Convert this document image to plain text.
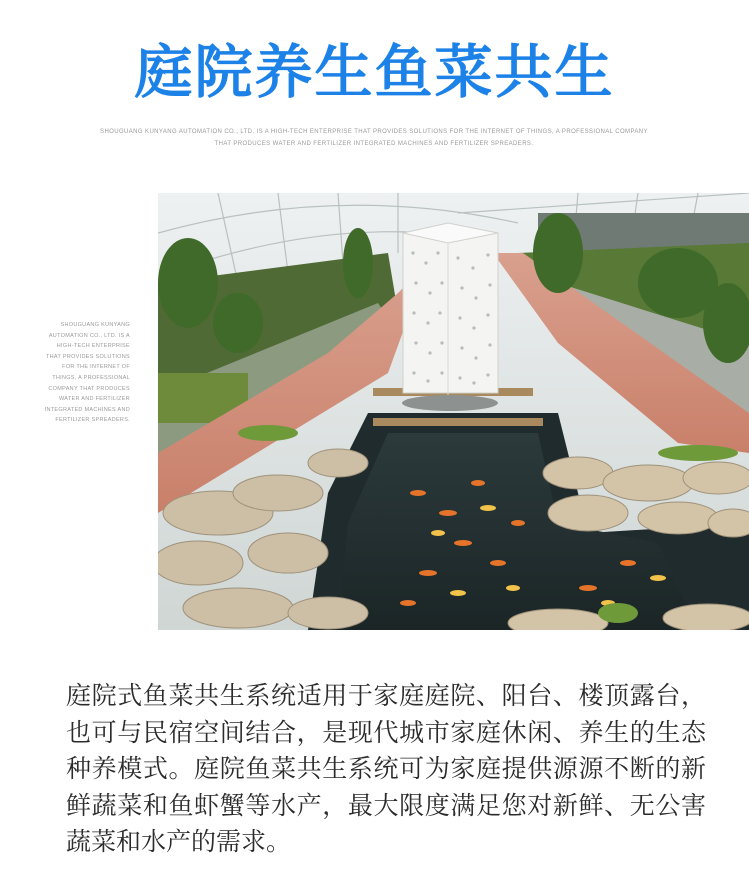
庭院养生鱼菜共生
SHOUGUANG KUNYANG AUTOMATION CO., LTD. IS A HIGH-TECH ENTERPRISE THAT PROVIDES SOLUTIONS FOR THE INTERNET OF THINGS, A PROFESSIONAL COMPANY THAT PRODUCES WATER AND FERTILIZER INTEGRATED MACHINES AND FERTILIZER SPREADERS.
SHOUGUANG KUNYANG AUTOMATION CO., LTD. IS A HIGH-TECH ENTERPRISE THAT PROVIDES SOLUTIONS FOR THE INTERNET OF THINGS, A PROFESSIONAL COMPANY THAT PRODUCES WATER AND FERTILIZER INTEGRATED MACHINES AND FERTILIZER SPREADERS.
庭院式鱼菜共生系统适用于家庭庭院、阳台、楼顶露台，也可与民宿空间结合，是现代城市家庭休闲、养生的生态种养模式。庭院鱼菜共生系统可为家庭提供源源不断的新鲜蔬菜和鱼虾蟹等水产，最大限度满足您对新鲜、无公害蔬菜和水产的需求。
